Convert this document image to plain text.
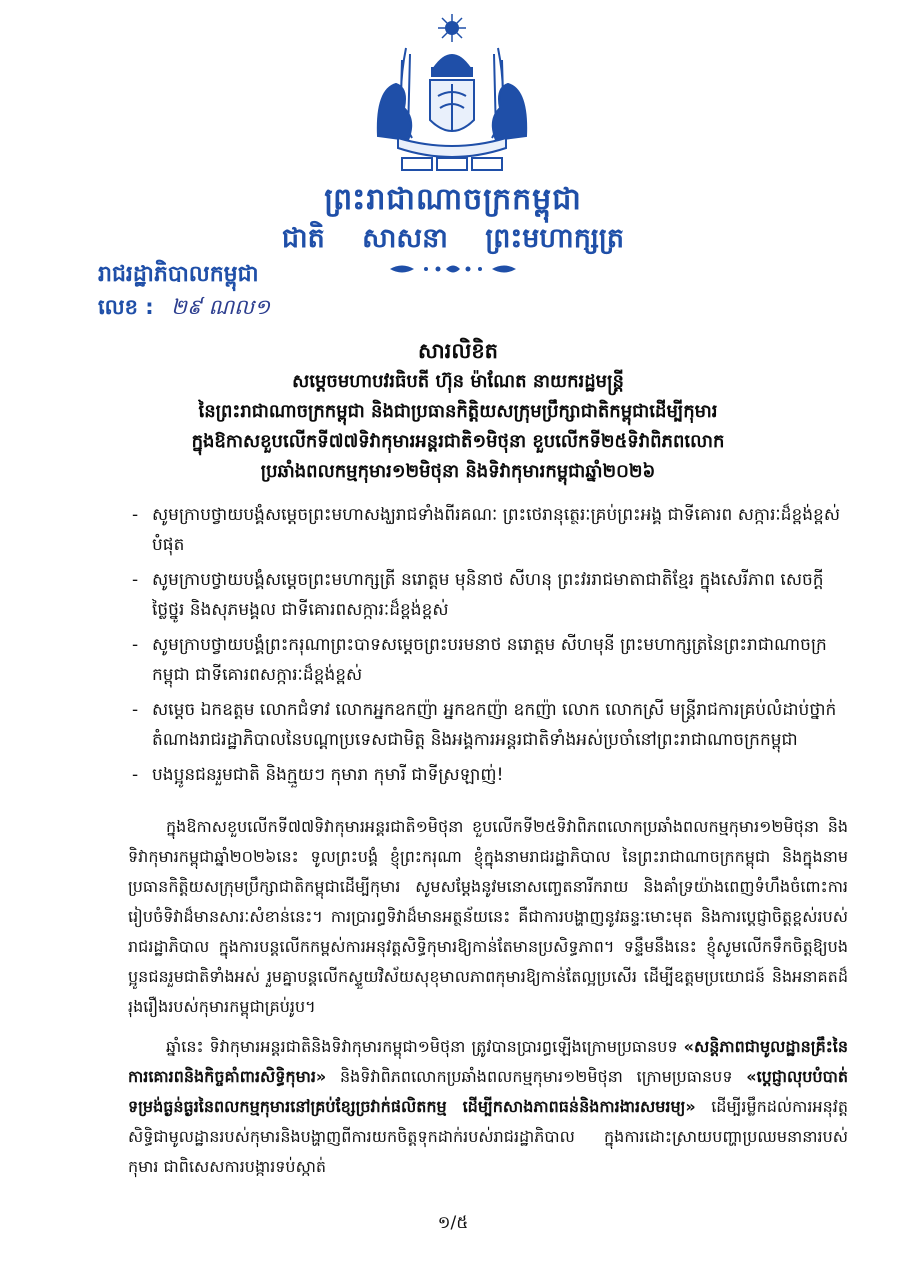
ព្រះរាជាណាចក្រកម្ពុជា
ជាតិ សាសនា ព្រះមហាក្សត្រ
រាជរដ្ឋាភិបាលកម្ពុជា
លេខ : ២៩ ណល១
សារលិខិត
សម្ដេចមហាបវរធិបតី ហ៊ុន ម៉ាណែត នាយករដ្ឋមន្ត្រី
នៃព្រះរាជាណាចក្រកម្ពុជា និងជាប្រធានកិត្តិយសក្រុមប្រឹក្សាជាតិកម្ពុជាដើម្បីកុមារ
ក្នុងឱកាសខួបលើកទី៧៧ទិវាកុមារអន្តរជាតិ១មិថុនា ខួបលើកទី២៥ទិវាពិភពលោក
ប្រឆាំងពលកម្មកុមារ១២មិថុនា និងទិវាកុមារកម្ពុជាឆ្នាំ២០២៦
- សូមក្រាបថ្វាយបង្គំសម្ដេចព្រះមហាសង្ឃរាជទាំងពីរគណៈ ព្រះថេរានុត្ថេរៈគ្រប់ព្រះអង្គ ជាទីគោរព សក្ការៈដ៏ខ្ពង់ខ្ពស់បំផុត
- សូមក្រាបថ្វាយបង្គំសម្ដេចព្រះមហាក្សត្រី នរោត្តម មុនិនាថ សីហនុ ព្រះវររាជមាតាជាតិខ្មែរ ក្នុងសេរីភាព សេចក្ដីថ្លៃថ្នូរ និងសុភមង្គល ជាទីគោរពសក្ការៈដ៏ខ្ពង់ខ្ពស់
- សូមក្រាបថ្វាយបង្គំព្រះករុណាព្រះបាទសម្ដេចព្រះបរមនាថ នរោត្តម សីហមុនី ព្រះមហាក្សត្រនៃព្រះរាជាណាចក្រកម្ពុជា ជាទីគោរពសក្ការៈដ៏ខ្ពង់ខ្ពស់
- សម្ដេច ឯកឧត្តម លោកជំទាវ លោកអ្នកឧកញ៉ា អ្នកឧកញ៉ា ឧកញ៉ា លោក លោកស្រី មន្ត្រីរាជការគ្រប់លំដាប់ថ្នាក់ តំណាងរាជរដ្ឋាភិបាលនៃបណ្ដាប្រទេសជាមិត្ត និងអង្គការអន្តរជាតិទាំងអស់ប្រចាំនៅព្រះរាជាណាចក្រកម្ពុជា
- បងប្អូនជនរួមជាតិ និងក្មួយៗ កុមារា កុមារី ជាទីស្រឡាញ់!

ក្នុងឱកាសខួបលើកទី៧៧ទិវាកុមារអន្តរជាតិ១មិថុនា ខួបលើកទី២៥ទិវាពិភពលោកប្រឆាំងពលកម្មកុមារ១២មិថុនា និងទិវាកុមារកម្ពុជាឆ្នាំ២០២៦នេះ ទូលព្រះបង្គំ ខ្ញុំព្រះករុណា ខ្ញុំក្នុងនាមរាជរដ្ឋាភិបាល នៃព្រះរាជាណាចក្រកម្ពុជា និងក្នុងនាមប្រធានកិត្តិយសក្រុមប្រឹក្សាជាតិកម្ពុជាដើម្បីកុមារ សូមសម្ដែងនូវមនោសញ្ចេតនារីករាយ និងគាំទ្រយ៉ាងពេញទំហឹងចំពោះការរៀបចំទិវាដ៏មានសារៈសំខាន់នេះ។ ការប្រារព្ធទិវាដ៏មានអត្ថន័យនេះ គឺជាការបង្ហាញនូវឆន្ទៈមោះមុត និងការប្ដេជ្ញាចិត្តខ្ពស់របស់រាជរដ្ឋាភិបាល ក្នុងការបន្តលើកកម្ពស់ការអនុវត្តសិទ្ធិកុមារឱ្យកាន់តែមានប្រសិទ្ធភាព។ ទន្ទឹមនឹងនេះ ខ្ញុំសូមលើកទឹកចិត្តឱ្យបងប្អូនជនរួមជាតិទាំងអស់ រួមគ្នាបន្តលើកស្ទួយវិស័យសុខុមាលភាពកុមារឱ្យកាន់តែល្អប្រសើរ ដើម្បីឧត្តមប្រយោជន៍ និងអនាគតដ៏រុងរឿងរបស់កុមារកម្ពុជាគ្រប់រូប។

ឆ្នាំនេះ ទិវាកុមារអន្តរជាតិនិងទិវាកុមារកម្ពុជា១មិថុនា ត្រូវបានប្រារព្ធឡើងក្រោមប្រធានបទ «សន្តិភាពជាមូលដ្ឋានគ្រឹះនៃការគោរពនិងកិច្ចគាំពារសិទ្ធិកុមារ» និងទិវាពិភពលោកប្រឆាំងពលកម្មកុមារ១២មិថុនា ក្រោមប្រធានបទ «ប្ដេជ្ញាលុបបំបាត់ទម្រង់ធ្ងន់ធ្ងរនៃពលកម្មកុមារនៅគ្រប់ខ្សែច្រវាក់ផលិតកម្ម ដើម្បីកសាងភាពធន់និងការងារសមរម្យ» ដើម្បីរម្លឹកដល់ការអនុវត្តសិទ្ធិជាមូលដ្ឋានរបស់កុមារនិងបង្ហាញពីការយកចិត្តទុកដាក់របស់រាជរដ្ឋាភិបាល ក្នុងការដោះស្រាយបញ្ហាប្រឈមនានារបស់កុមារ ជាពិសេសការបង្ការទប់ស្កាត់

១/៥
